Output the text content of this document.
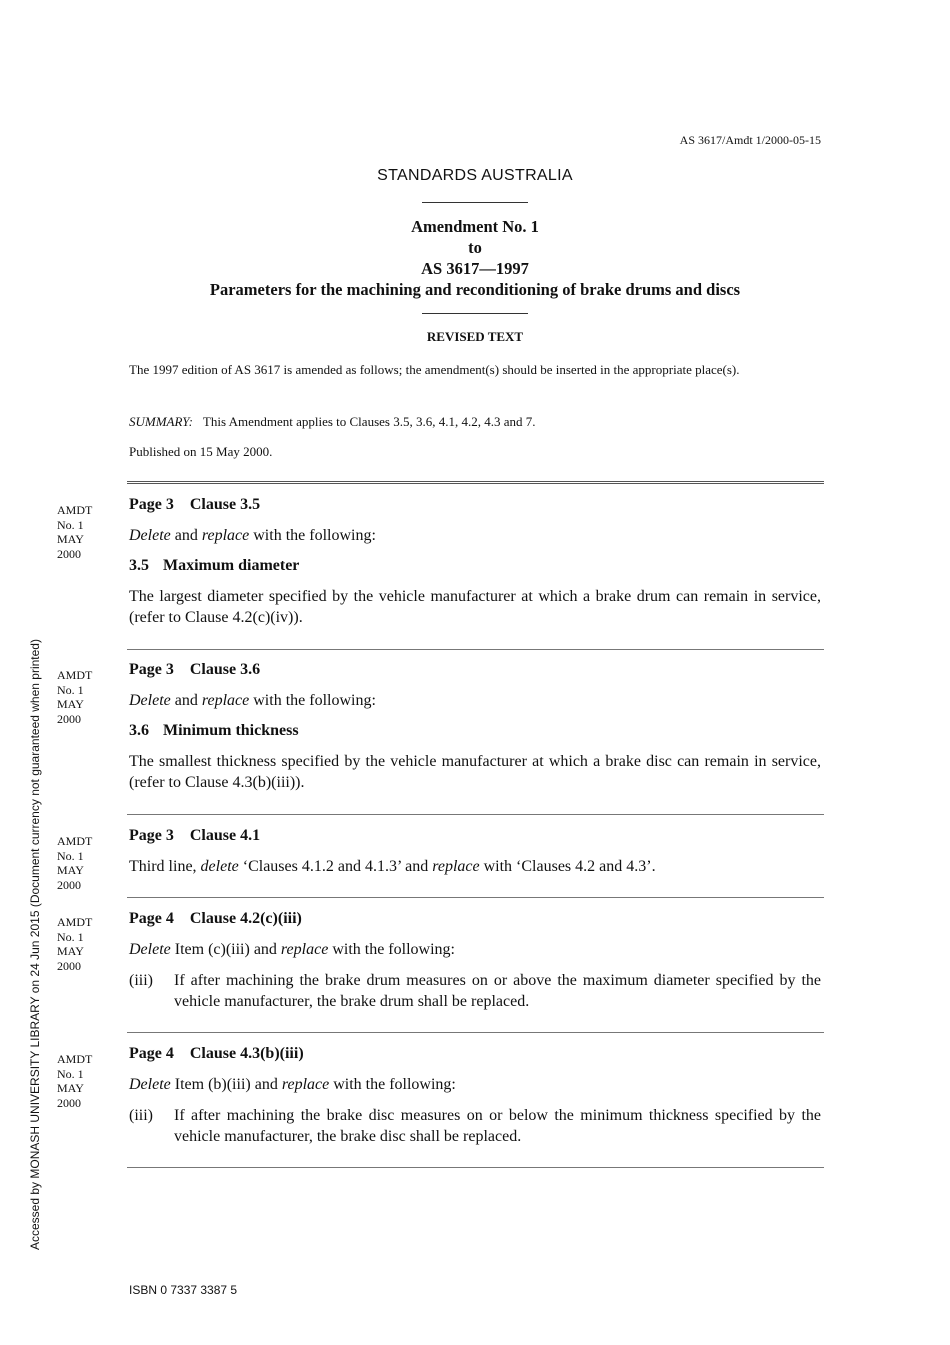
AS 3617/Amdt 1/2000-05-15
STANDARDS AUSTRALIA
Amendment No. 1
to
AS 3617—1997
Parameters for the machining and reconditioning of brake drums and discs
REVISED TEXT
The 1997 edition of AS 3617 is amended as follows; the amendment(s) should be inserted in the appropriate place(s).
SUMMARY: This Amendment applies to Clauses 3.5, 3.6, 4.1, 4.2, 4.3 and 7.
Published on 15 May 2000.
AMDT
No. 1
MAY
2000
Page 3 Clause 3.5
Delete and replace with the following:
3.5 Maximum diameter
The largest diameter specified by the vehicle manufacturer at which a brake drum can remain in service, (refer to Clause 4.2(c)(iv)).
AMDT
No. 1
MAY
2000
Page 3 Clause 3.6
Delete and replace with the following:
3.6 Minimum thickness
The smallest thickness specified by the vehicle manufacturer at which a brake disc can remain in service, (refer to Clause 4.3(b)(iii)).
AMDT
No. 1
MAY
2000
Page 3 Clause 4.1
Third line, delete ‘Clauses 4.1.2 and 4.1.3’ and replace with ‘Clauses 4.2 and 4.3’.
AMDT
No. 1
MAY
2000
Page 4 Clause 4.2(c)(iii)
Delete Item (c)(iii) and replace with the following:
(iii)	If after machining the brake drum measures on or above the maximum diameter specified by the vehicle manufacturer, the brake drum shall be replaced.
AMDT
No. 1
MAY
2000
Page 4 Clause 4.3(b)(iii)
Delete Item (b)(iii) and replace with the following:
(iii)	If after machining the brake disc measures on or below the minimum thickness specified by the vehicle manufacturer, the brake disc shall be replaced.
ISBN 0 7337 3387 5
Accessed by MONASH UNIVERSITY LIBRARY on 24 Jun 2015 (Document currency not guaranteed when printed)
